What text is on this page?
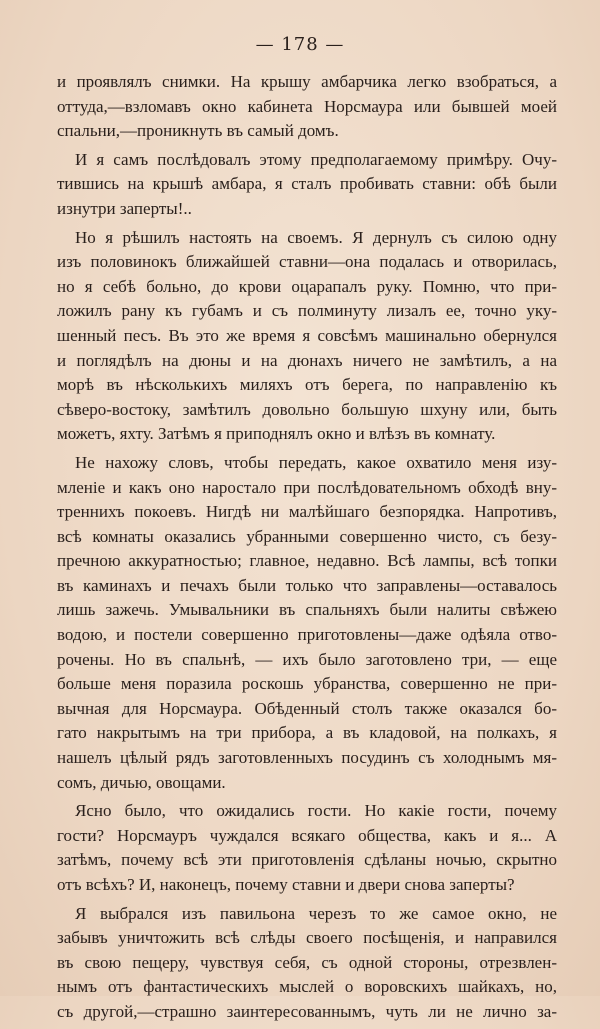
— 178 —
и проявлялъ снимки. На крышу амбарчика легко взобраться, а
оттуда,—взломавъ окно кабинета Норсмаура или бывшей моей
спальни,—проникнуть въ самый домъ.
И я самъ послѣдовалъ этому предполагаемому примѣру. Очу-
тившись на крышѣ амбара, я сталъ пробивать ставни: обѣ были
изнутри заперты!..
Но я рѣшилъ настоять на своемъ. Я дернулъ съ силою одну
изъ половинокъ ближайшей ставни—она подалась и отворилась,
но я себѣ больно, до крови оцарапалъ руку. Помню, что при-
ложилъ рану къ губамъ и съ полминуту лизалъ ее, точно уку-
шенный песъ. Въ это же время я совсѣмъ машинально обернулся
и поглядѣлъ на дюны и на дюнахъ ничего не замѣтилъ, а на
морѣ въ нѣсколькихъ миляхъ отъ берега, по направленію къ
сѣверо-востоку, замѣтилъ довольно большую шхуну или, быть
можетъ, яхту. Затѣмъ я приподнялъ окно и влѣзъ въ комнату.
Не нахожу словъ, чтобы передать, какое охватило меня изу-
мленіе и какъ оно наростало при послѣдовательномъ обходѣ вну-
треннихъ покоевъ. Нигдѣ ни малѣйшаго безпорядка. Напротивъ,
всѣ комнаты оказались убранными совершенно чисто, съ безу-
пречною аккуратностью; главное, недавно. Всѣ лампы, всѣ топки
въ каминахъ и печахъ были только что заправлены—оставалось
лишь зажечь. Умывальники въ спальняхъ были налиты свѣжею
водою, и постели совершенно приготовлены—даже одѣяла отво-
рочены. Но въ спальнѣ, — ихъ было заготовлено три, — еще
больше меня поразила роскошь убранства, совершенно не при-
вычная для Норсмаура. Обѣденный столъ также оказался бо-
гато накрытымъ на три прибора, а въ кладовой, на полкахъ, я
нашелъ цѣлый рядъ заготовленныхъ посудинъ съ холоднымъ мя-
сомъ, дичью, овощами.
Ясно было, что ожидались гости. Но какіе гости, почему
гости? Норсмауръ чуждался всякаго общества, какъ и я... А
затѣмъ, почему всѣ эти приготовленія сдѣланы ночью, скрытно
отъ всѣхъ? И, наконецъ, почему ставни и двери снова заперты?
Я выбрался изъ павильона черезъ то же самое окно, не
забывъ уничтожить всѣ слѣды своего посѣщенія, и направился
въ свою пещеру, чувствуя себя, съ одной стороны, отрезвлен-
нымъ отъ фантастическихъ мыслей о воровскихъ шайкахъ, но,
съ другой,—страшно заинтересованнымъ, чуть ли не лично за-
